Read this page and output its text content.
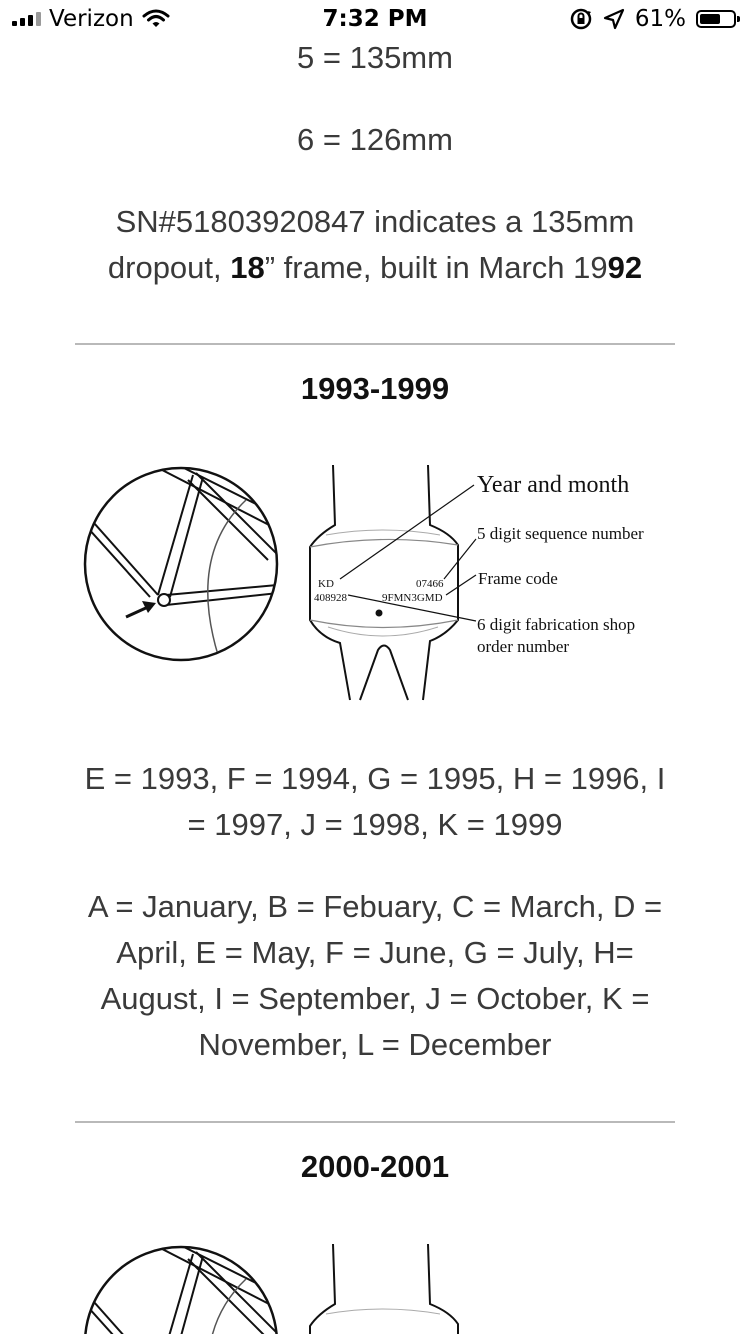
Verizon	7:32 PM	61%

5 = 135mm

6 = 126mm

SN#51803920847 indicates a 135mm dropout, 18” frame, built in March 1992

1993-1999
KD
408928
07466
9FMN3GMD
Year and month
5 digit sequence number
Frame code
6 digit fabrication shop
order number

E = 1993, F = 1994, G = 1995, H = 1996, I = 1997, J = 1998, K = 1999

A = January, B = Febuary, C = March, D = April, E = May, F = June, G = July, H= August, I = September, J = October, K = November, L = December

2000-2001
